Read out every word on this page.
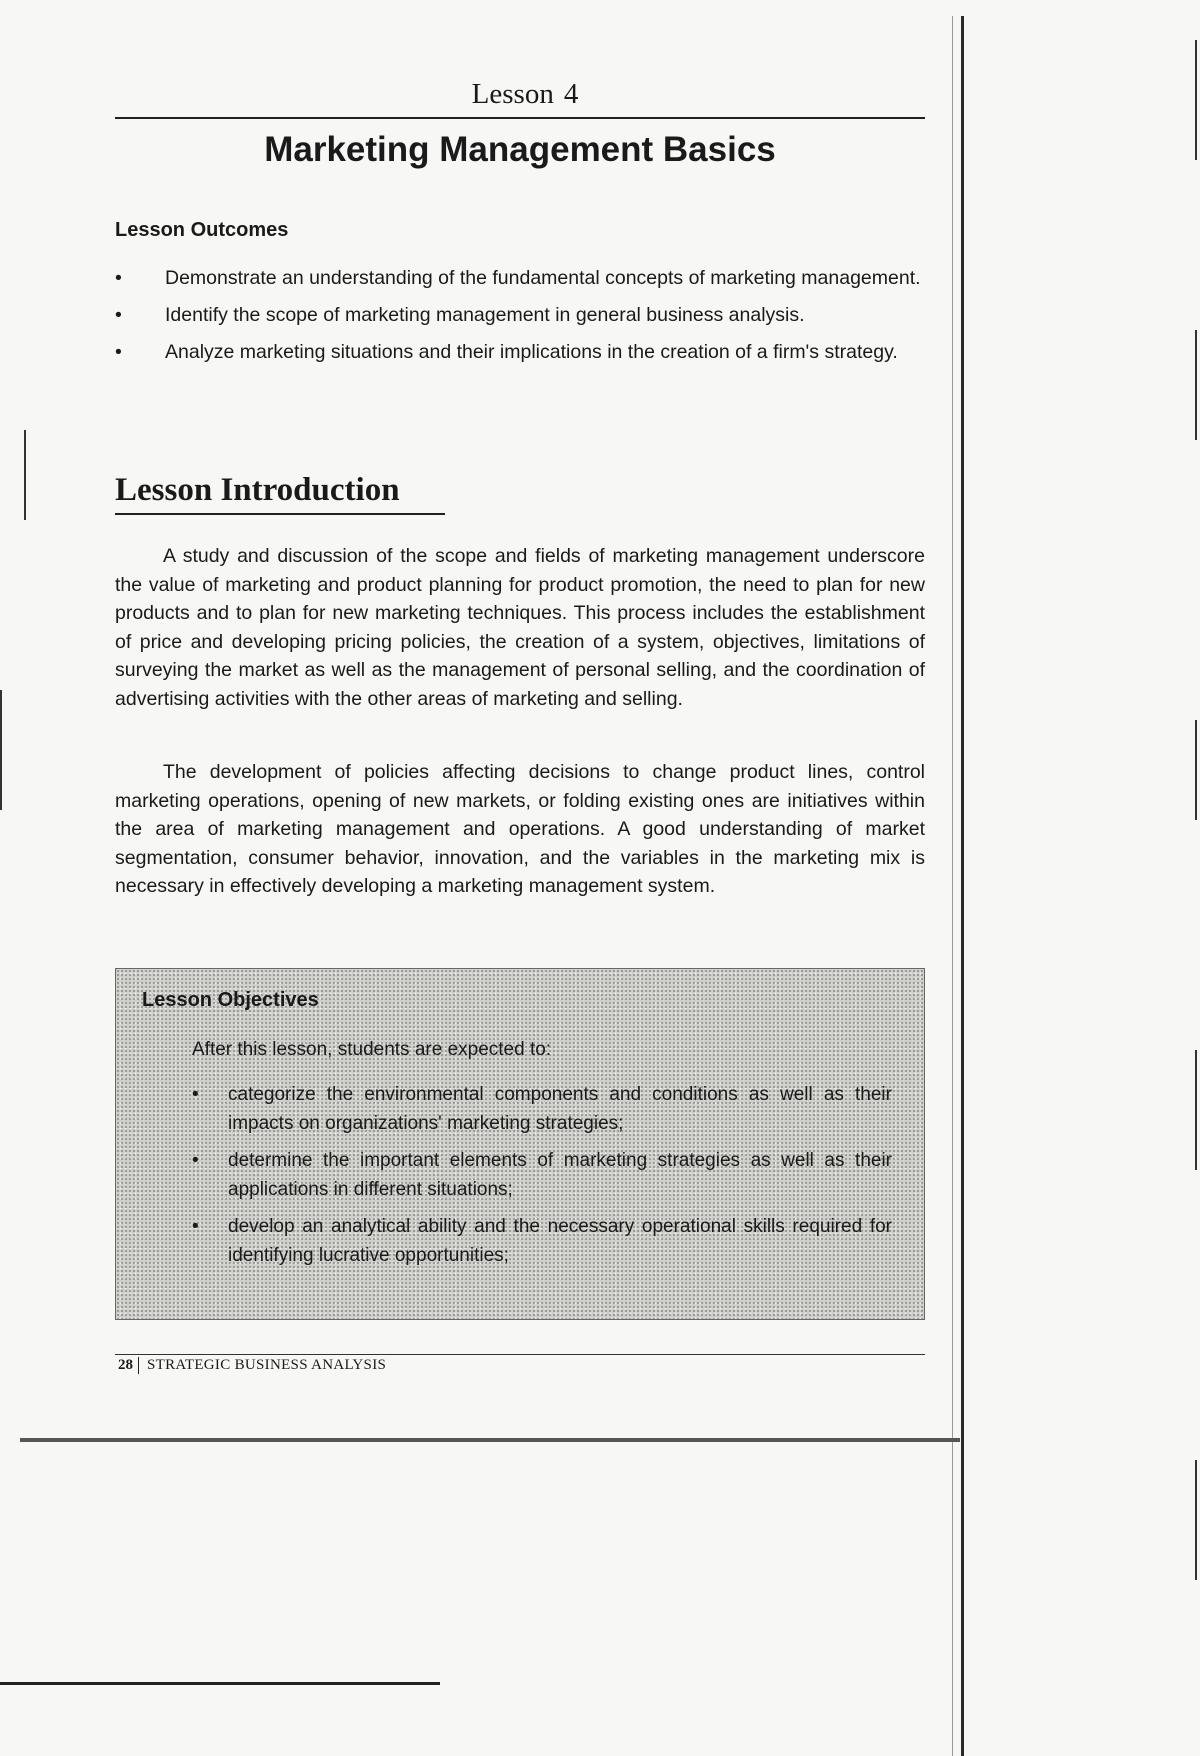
Lesson 4
Marketing Management Basics
Lesson Outcomes
• Demonstrate an understanding of the fundamental concepts of marketing management.
• Identify the scope of marketing management in general business analysis.
• Analyze marketing situations and their implications in the creation of a firm's strategy.
Lesson Introduction

A study and discussion of the scope and fields of marketing management underscore the value of marketing and product planning for product promotion, the need to plan for new products and to plan for new marketing techniques. This process includes the establishment of price and developing pricing policies, the creation of a system, objectives, limitations of surveying the market as well as the management of personal selling, and the coordination of advertising activities with the other areas of marketing and selling.

The development of policies affecting decisions to change product lines, control marketing operations, opening of new markets, or folding existing ones are initiatives within the area of marketing management and operations. A good understanding of market segmentation, consumer behavior, innovation, and the variables in the marketing mix is necessary in effectively developing a marketing management system.

Lesson Objectives
After this lesson, students are expected to:
• categorize the environmental components and conditions as well as their impacts on organizations' marketing strategies;
• determine the important elements of marketing strategies as well as their applications in different situations;
• develop an analytical ability and the necessary operational skills required for identifying lucrative opportunities;
28 STRATEGIC BUSINESS ANALYSIS
